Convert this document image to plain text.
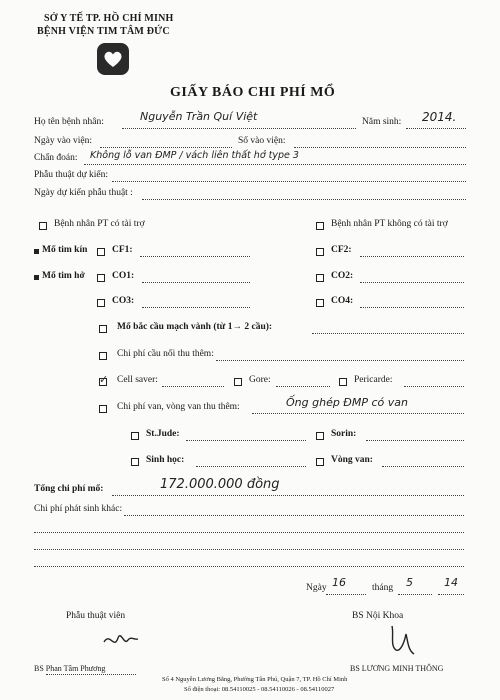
SỞ Y TẾ TP. HỒ CHÍ MINH
BỆNH VIỆN TIM TÂM ĐỨC
GIẤY BÁO CHI PHÍ MỔ
Họ tên bệnh nhân:	Nguyễn Trần Quí Việt	Năm sinh: 2014.
Ngày vào viện:	Số vào viện:
Chẩn đoán: Không lỗ van ĐMP / vách liên thất hở type 3
Phẫu thuật dự kiến:
Ngày dự kiến phẫu thuật :
Bệnh nhân PT có tài trợ	Bệnh nhân PT không có tài trợ
Mổ tim kín	CF1:	CF2:
Mổ tim hở	CO1:	CO2:
CO3:	CO4:
Mổ bắc cầu mạch vành (từ 1→ 2 cầu):
Chi phí cầu nối thu thêm:
✓ Cell saver:	Gore:	Pericarde:
Chi phí van, vòng van thu thêm:	Ống ghép ĐMP có van
St.Jude:	Sorin:
Sinh học:	Vòng van:
Tổng chi phí mổ:	172.000.000 đồng
Chi phí phát sinh khác:
Ngày 16	tháng 5	14
Phẫu thuật viên	BS Nội Khoa
BS Phan Tâm Phương	BS LƯƠNG MINH THÔNG
Số 4 Nguyễn Lương Bằng, Phường Tân Phú, Quận 7, TP. Hồ Chí Minh
Số điện thoại: 08.54110025 - 08.54110026 - 08.54110027
